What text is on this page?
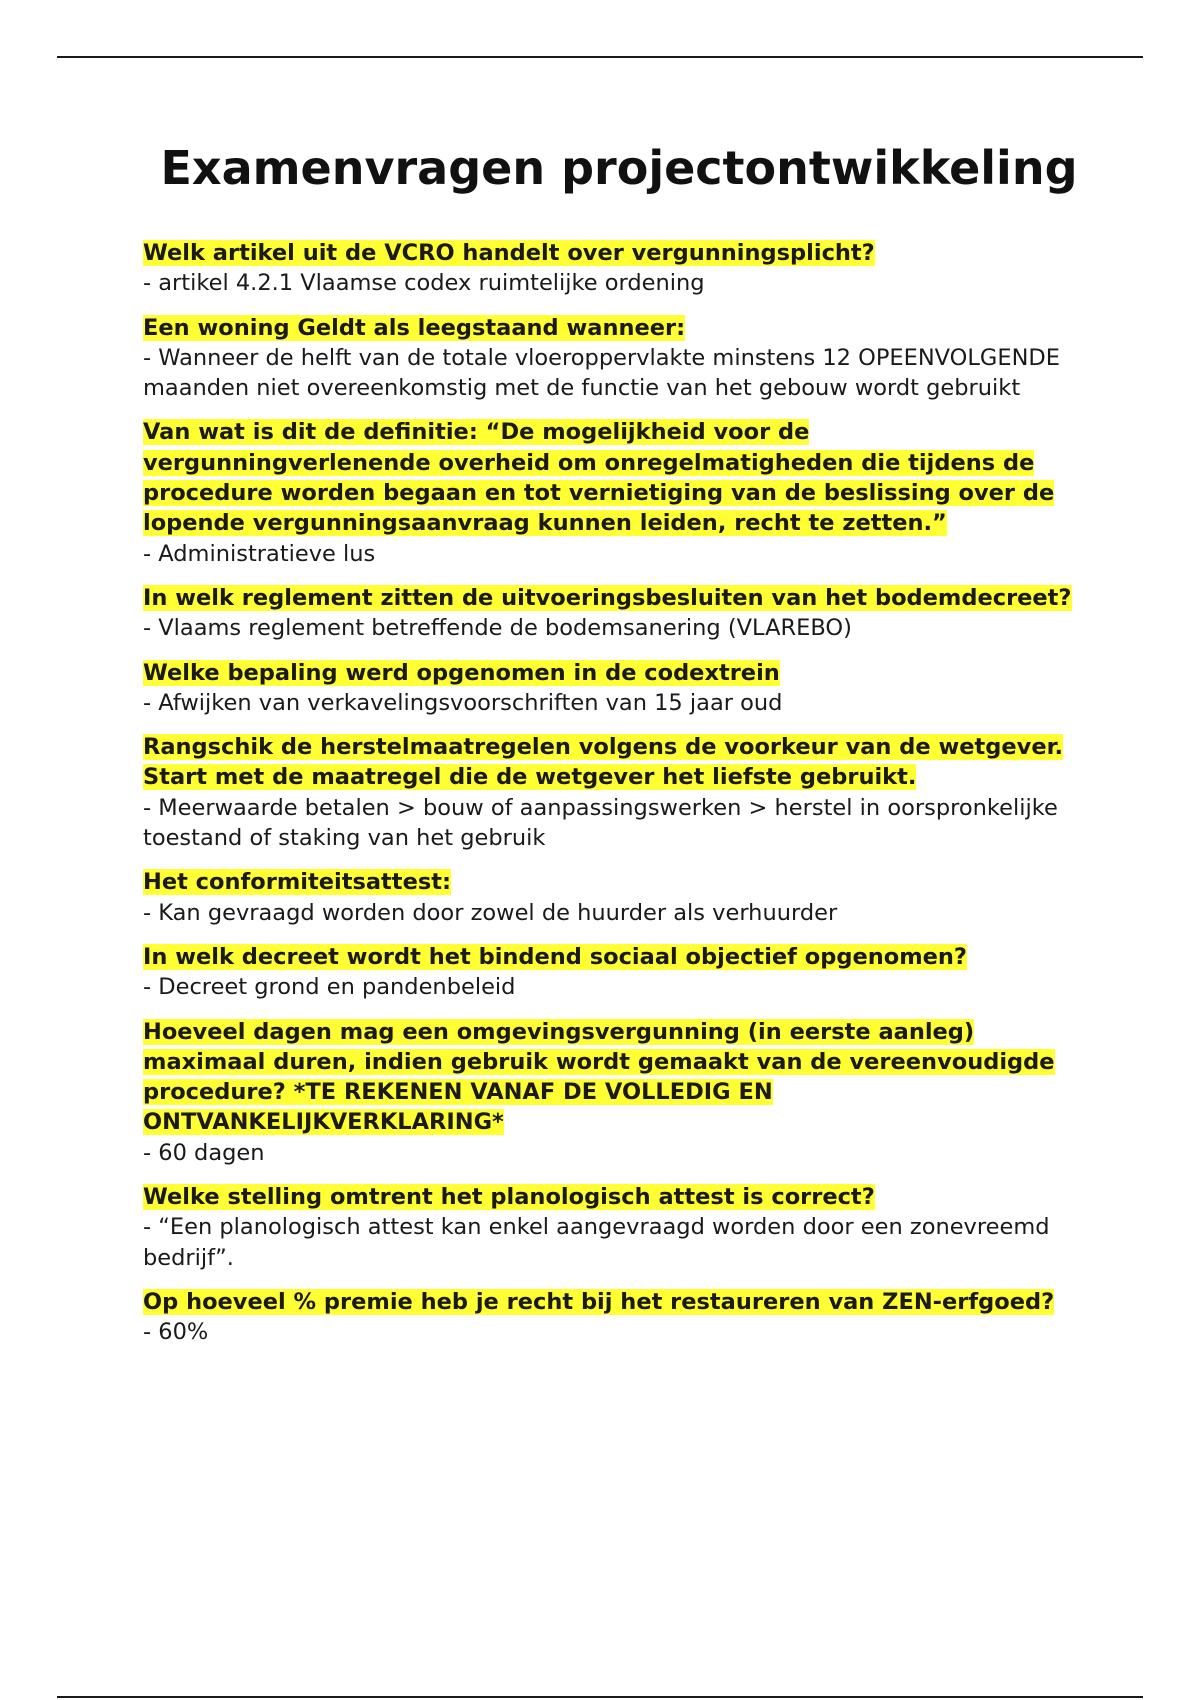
Examenvragen projectontwikkeling

Welk artikel uit de VCRO handelt over vergunningsplicht?

- artikel 4.2.1 Vlaamse codex ruimtelijke ordening

Een woning Geldt als leegstaand wanneer:

- Wanneer de helft van de totale vloeroppervlakte minstens 12 OPEENVOLGENDE maanden niet overeenkomstig met de functie van het gebouw wordt gebruikt

Van wat is dit de definitie: “De mogelijkheid voor de vergunningverlenende overheid om onregelmatigheden die tijdens de procedure worden begaan en tot vernietiging van de beslissing over de lopende vergunningsaanvraag kunnen leiden, recht te zetten.”

- Administratieve lus

In welk reglement zitten de uitvoeringsbesluiten van het bodemdecreet?

- Vlaams reglement betreffende de bodemsanering (VLAREBO)

Welke bepaling werd opgenomen in de codextrein

- Afwijken van verkavelingsvoorschriften van 15 jaar oud

Rangschik de herstelmaatregelen volgens de voorkeur van de wetgever. Start met de maatregel die de wetgever het liefste gebruikt.

- Meerwaarde betalen > bouw of aanpassingswerken > herstel in oorspronkelijke toestand of staking van het gebruik

Het conformiteitsattest:

- Kan gevraagd worden door zowel de huurder als verhuurder

In welk decreet wordt het bindend sociaal objectief opgenomen?

- Decreet grond en pandenbeleid

Hoeveel dagen mag een omgevingsvergunning (in eerste aanleg) maximaal duren, indien gebruik wordt gemaakt van de vereenvoudigde procedure? *TE REKENEN VANAF DE VOLLEDIG EN ONTVANKELIJKVERKLARING*

- 60 dagen

Welke stelling omtrent het planologisch attest is correct?

- “Een planologisch attest kan enkel aangevraagd worden door een zonevreemd bedrijf”.

Op hoeveel % premie heb je recht bij het restaureren van ZEN-erfgoed?

- 60%
